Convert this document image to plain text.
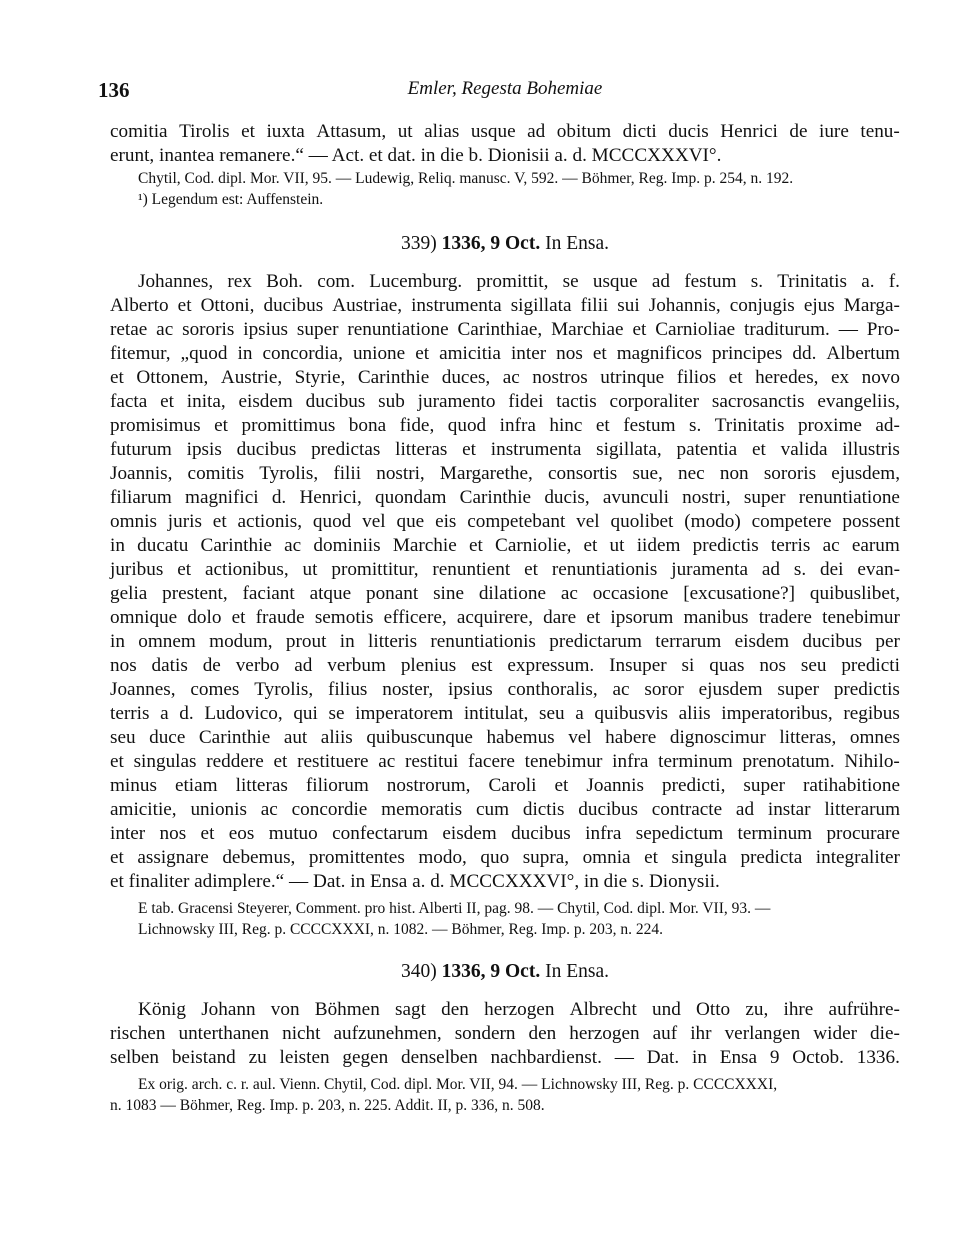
136	Emler, Regesta Bohemiae
comitia Tirolis et iuxta Attasum, ut alias usque ad obitum dicti ducis Henrici de iure tenu-
erunt, inantea remanere.“ — Act. et dat. in die b. Dionisii a. d. MCCCXXXVI°.
Chytil, Cod. dipl. Mor. VII, 95. — Ludewig, Reliq. manusc. V, 592. — Böhmer, Reg. Imp. p. 254, n. 192.
¹) Legendum est: Auffenstein.
339) 1336, 9 Oct. In Ensa.
Johannes, rex Boh. com. Lucemburg. promittit, se usque ad festum s. Trinitatis a. f.
Alberto et Ottoni, ducibus Austriae, instrumenta sigillata filii sui Johannis, conjugis ejus Marga-
retae ac sororis ipsius super renuntiatione Carinthiae, Marchiae et Carnioliae traditurum. — Pro-
fitemur, „quod in concordia, unione et amicitia inter nos et magnificos principes dd. Albertum
et Ottonem, Austrie, Styrie, Carinthie duces, ac nostros utrinque filios et heredes, ex novo
facta et inita, eisdem ducibus sub juramento fidei tactis corporaliter sacrosanctis evangeliis,
promisimus et promittimus bona fide, quod infra hinc et festum s. Trinitatis proxime ad-
futurum ipsis ducibus predictas litteras et instrumenta sigillata, patentia et valida illustris
Joannis, comitis Tyrolis, filii nostri, Margarethe, consortis sue, nec non sororis ejusdem,
filiarum magnifici d. Henrici, quondam Carinthie ducis, avunculi nostri, super renuntiatione
omnis juris et actionis, quod vel que eis competebant vel quolibet (modo) competere possent
in ducatu Carinthie ac dominiis Marchie et Carniolie, et ut iidem predictis terris ac earum
juribus et actionibus, ut promittitur, renuntient et renuntiationis juramenta ad s. dei evan-
gelia prestent, faciant atque ponant sine dilatione ac occasione [excusatione?] quibuslibet,
omnique dolo et fraude semotis efficere, acquirere, dare et ipsorum manibus tradere tenebimur
in omnem modum, prout in litteris renuntiationis predictarum terrarum eisdem ducibus per
nos datis de verbo ad verbum plenius est expressum. Insuper si quas nos seu predicti
Joannes, comes Tyrolis, filius noster, ipsius conthoralis, ac soror ejusdem super predictis
terris a d. Ludovico, qui se imperatorem intitulat, seu a quibusvis aliis imperatoribus, regibus
seu duce Carinthie aut aliis quibuscunque habemus vel habere dignoscimur litteras, omnes
et singulas reddere et restituere ac restitui facere tenebimur infra terminum prenotatum. Nihilo-
minus etiam litteras filiorum nostrorum, Caroli et Joannis predicti, super ratihabitione
amicitie, unionis ac concordie memoratis cum dictis ducibus contracte ad instar litterarum
inter nos et eos mutuo confectarum eisdem ducibus infra sepedictum terminum procurare
et assignare debemus, promittentes modo, quo supra, omnia et singula predicta integraliter
et finaliter adimplere.“ — Dat. in Ensa a. d. MCCCXXXVI°, in die s. Dionysii.
E tab. Gracensi Steyerer, Comment. pro hist. Alberti II, pag. 98. — Chytil, Cod. dipl. Mor. VII, 93. —
Lichnowsky III, Reg. p. CCCCXXXI, n. 1082. — Böhmer, Reg. Imp. p. 203, n. 224.
340) 1336, 9 Oct. In Ensa.
König Johann von Böhmen sagt den herzogen Albrecht und Otto zu, ihre aufrühre-
rischen unterthanen nicht aufzunehmen, sondern den herzogen auf ihr verlangen wider die-
selben beistand zu leisten gegen denselben nachbardienst. — Dat. in Ensa 9 Octob. 1336.
Ex orig. arch. c. r. aul. Vienn. Chytil, Cod. dipl. Mor. VII, 94. — Lichnowsky III, Reg. p. CCCCXXXI,
n. 1083 — Böhmer, Reg. Imp. p. 203, n. 225. Addit. II, p. 336, n. 508.
